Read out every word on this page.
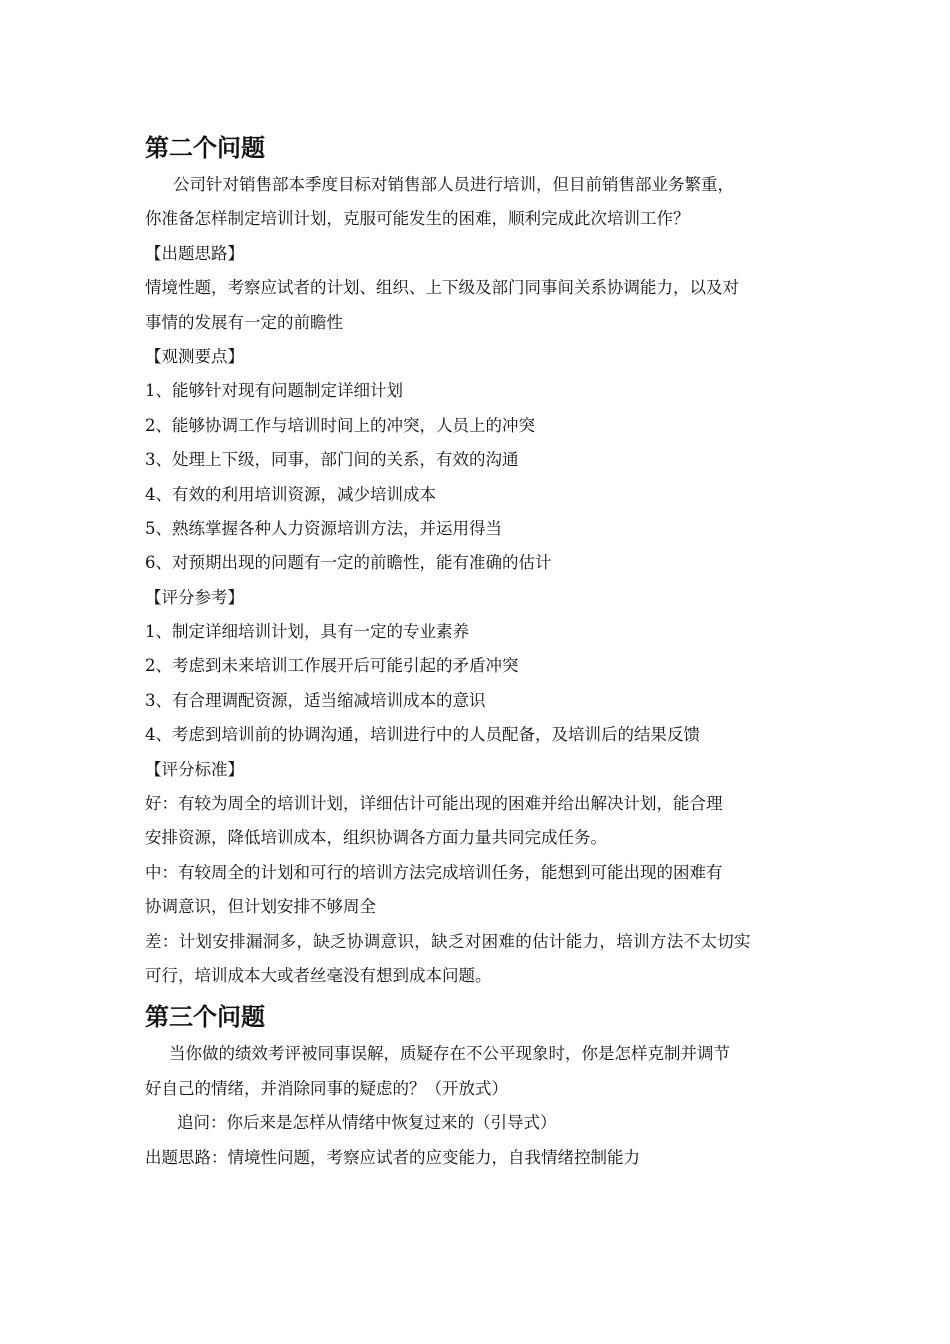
第二个问题
公司针对销售部本季度目标对销售部人员进行培训，但目前销售部业务繁重，
你准备怎样制定培训计划，克服可能发生的困难，顺利完成此次培训工作？
【出题思路】
情境性题，考察应试者的计划、组织、上下级及部门同事间关系协调能力，以及对
事情的发展有一定的前瞻性
【观测要点】
1、能够针对现有问题制定详细计划
2、能够协调工作与培训时间上的冲突，人员上的冲突
3、处理上下级，同事，部门间的关系，有效的沟通
4、有效的利用培训资源，减少培训成本
5、熟练掌握各种人力资源培训方法，并运用得当
6、对预期出现的问题有一定的前瞻性，能有准确的估计
【评分参考】
1、制定详细培训计划，具有一定的专业素养
2、考虑到未来培训工作展开后可能引起的矛盾冲突
3、有合理调配资源，适当缩减培训成本的意识
4、考虑到培训前的协调沟通，培训进行中的人员配备，及培训后的结果反馈
【评分标准】
好：有较为周全的培训计划，详细估计可能出现的困难并给出解决计划，能合理
安排资源，降低培训成本，组织协调各方面力量共同完成任务。
中：有较周全的计划和可行的培训方法完成培训任务，能想到可能出现的困难有
协调意识，但计划安排不够周全
差：计划安排漏洞多，缺乏协调意识，缺乏对困难的估计能力，培训方法不太切实
可行，培训成本大或者丝毫没有想到成本问题。
第三个问题
当你做的绩效考评被同事误解，质疑存在不公平现象时，你是怎样克制并调节
好自己的情绪，并消除同事的疑虑的？（开放式）
追问：你后来是怎样从情绪中恢复过来的（引导式）
出题思路：情境性问题，考察应试者的应变能力，自我情绪控制能力
